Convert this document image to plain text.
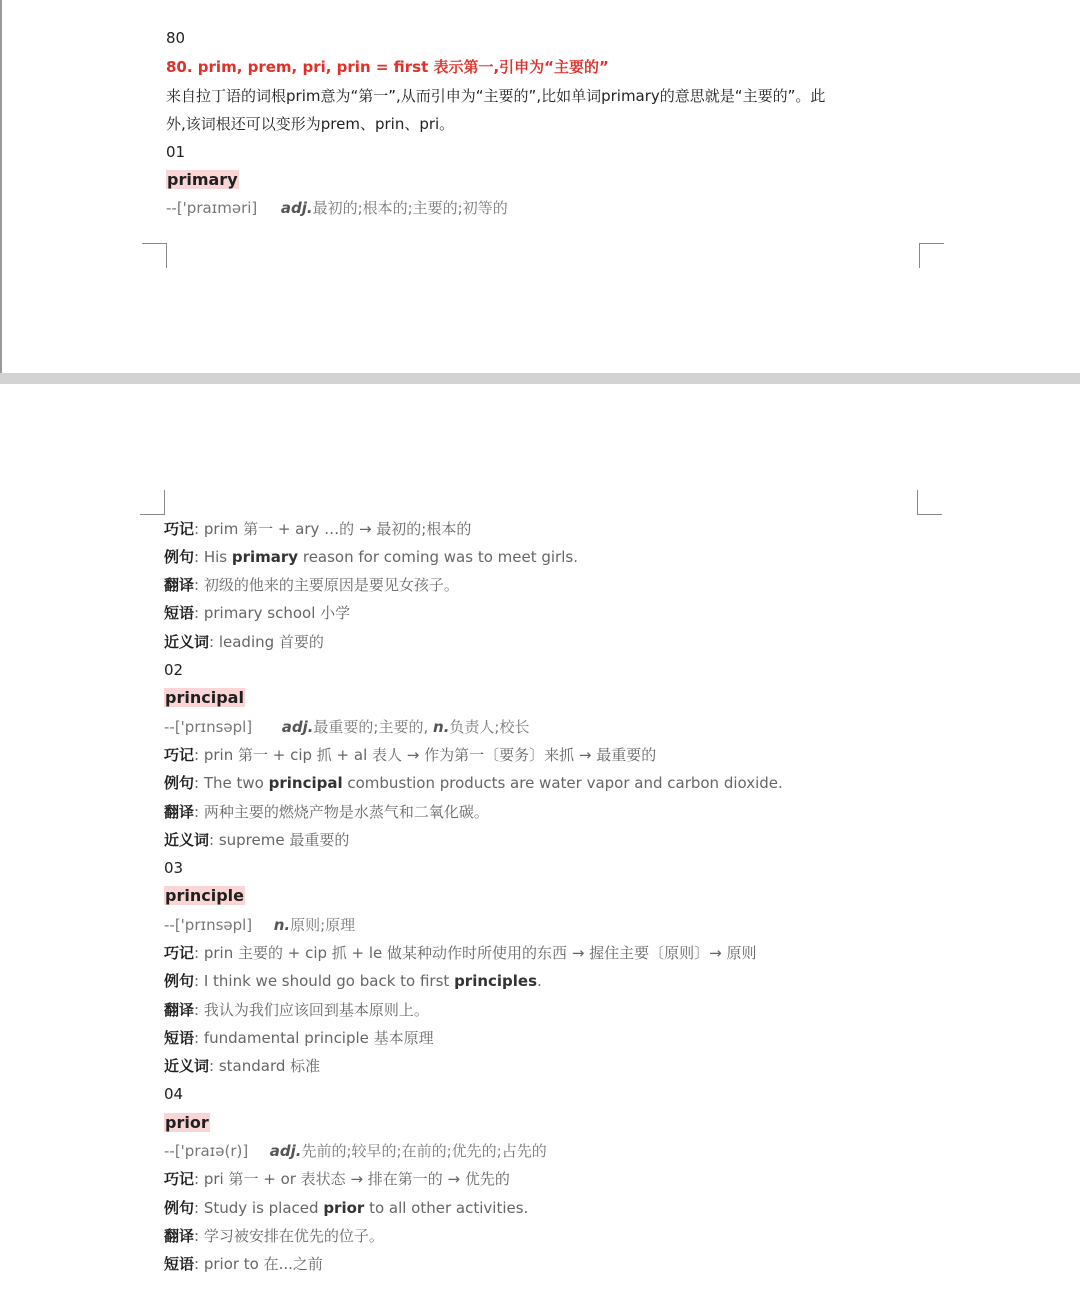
80
80. prim, prem, pri, prin = first 表示第一,引申为“主要的”
来自拉丁语的词根prim意为“第一”,从而引申为“主要的”,比如单词primary的意思就是“主要的”。此
外,该词根还可以变形为prem、prin、pri。
01
primary
--['praɪməri] adj.最初的;根本的;主要的;初等的
巧记: prim 第一 + ary …的 → 最初的;根本的
例句: His primary reason for coming was to meet girls.
翻译: 初级的他来的主要原因是要见女孩子。
短语: primary school 小学
近义词: leading 首要的
02
principal
--['prɪnsəpl] adj.最重要的;主要的, n.负责人;校长
巧记: prin 第一 + cip 抓 + al 表人 → 作为第一〔要务〕来抓 → 最重要的
例句: The two principal combustion products are water vapor and carbon dioxide.
翻译: 两种主要的燃烧产物是水蒸气和二氧化碳。
近义词: supreme 最重要的
03
principle
--['prɪnsəpl] n.原则;原理
巧记: prin 主要的 + cip 抓 + le 做某种动作时所使用的东西 → 握住主要〔原则〕→ 原则
例句: I think we should go back to first principles.
翻译: 我认为我们应该回到基本原则上。
短语: fundamental principle 基本原理
近义词: standard 标准
04
prior
--['praɪə(r)] adj.先前的;较早的;在前的;优先的;占先的
巧记: pri 第一 + or 表状态 → 排在第一的 → 优先的
例句: Study is placed prior to all other activities.
翻译: 学习被安排在优先的位子。
短语: prior to 在...之前
